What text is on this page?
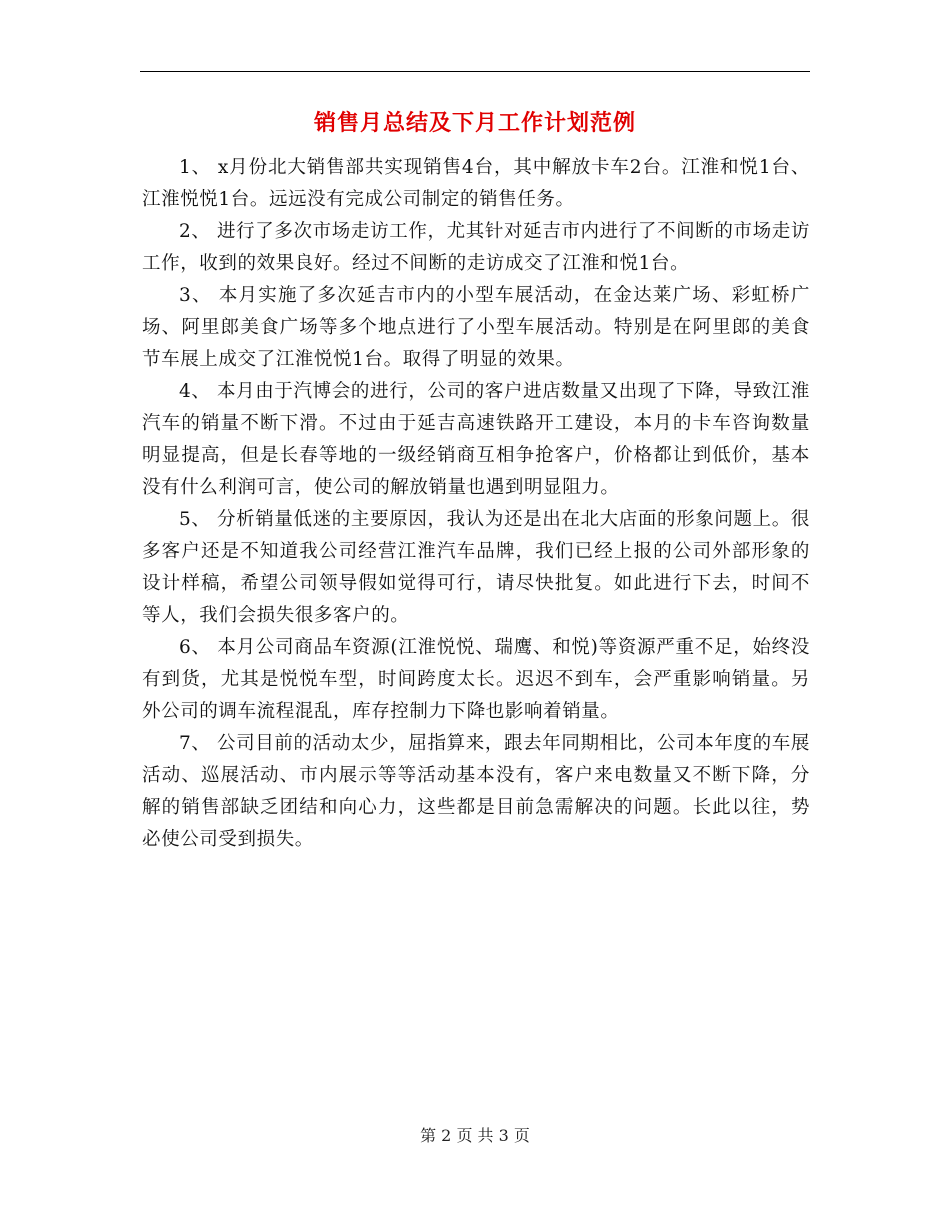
销售月总结及下月工作计划范例

1、 x月份北大销售部共实现销售4台，其中解放卡车2台。江淮和悦1台、江淮悦悦1台。远远没有完成公司制定的销售任务。

2、 进行了多次市场走访工作，尤其针对延吉市内进行了不间断的市场走访工作，收到的效果良好。经过不间断的走访成交了江淮和悦1台。

3、 本月实施了多次延吉市内的小型车展活动，在金达莱广场、彩虹桥广场、阿里郎美食广场等多个地点进行了小型车展活动。特别是在阿里郎的美食节车展上成交了江淮悦悦1台。取得了明显的效果。

4、 本月由于汽博会的进行，公司的客户进店数量又出现了下降，导致江淮汽车的销量不断下滑。不过由于延吉高速铁路开工建设，本月的卡车咨询数量明显提高，但是长春等地的一级经销商互相争抢客户，价格都让到低价，基本没有什么利润可言，使公司的解放销量也遇到明显阻力。

5、 分析销量低迷的主要原因，我认为还是出在北大店面的形象问题上。很多客户还是不知道我公司经营江淮汽车品牌，我们已经上报的公司外部形象的设计样稿，希望公司领导假如觉得可行，请尽快批复。如此进行下去，时间不等人，我们会损失很多客户的。

6、 本月公司商品车资源(江淮悦悦、瑞鹰、和悦)等资源严重不足，始终没有到货，尤其是悦悦车型，时间跨度太长。迟迟不到车，会严重影响销量。另外公司的调车流程混乱，库存控制力下降也影响着销量。

7、 公司目前的活动太少，屈指算来，跟去年同期相比，公司本年度的车展活动、巡展活动、市内展示等等活动基本没有，客户来电数量又不断下降，分解的销售部缺乏团结和向心力，这些都是目前急需解决的问题。长此以往，势必使公司受到损失。

第 2 页 共 3 页
